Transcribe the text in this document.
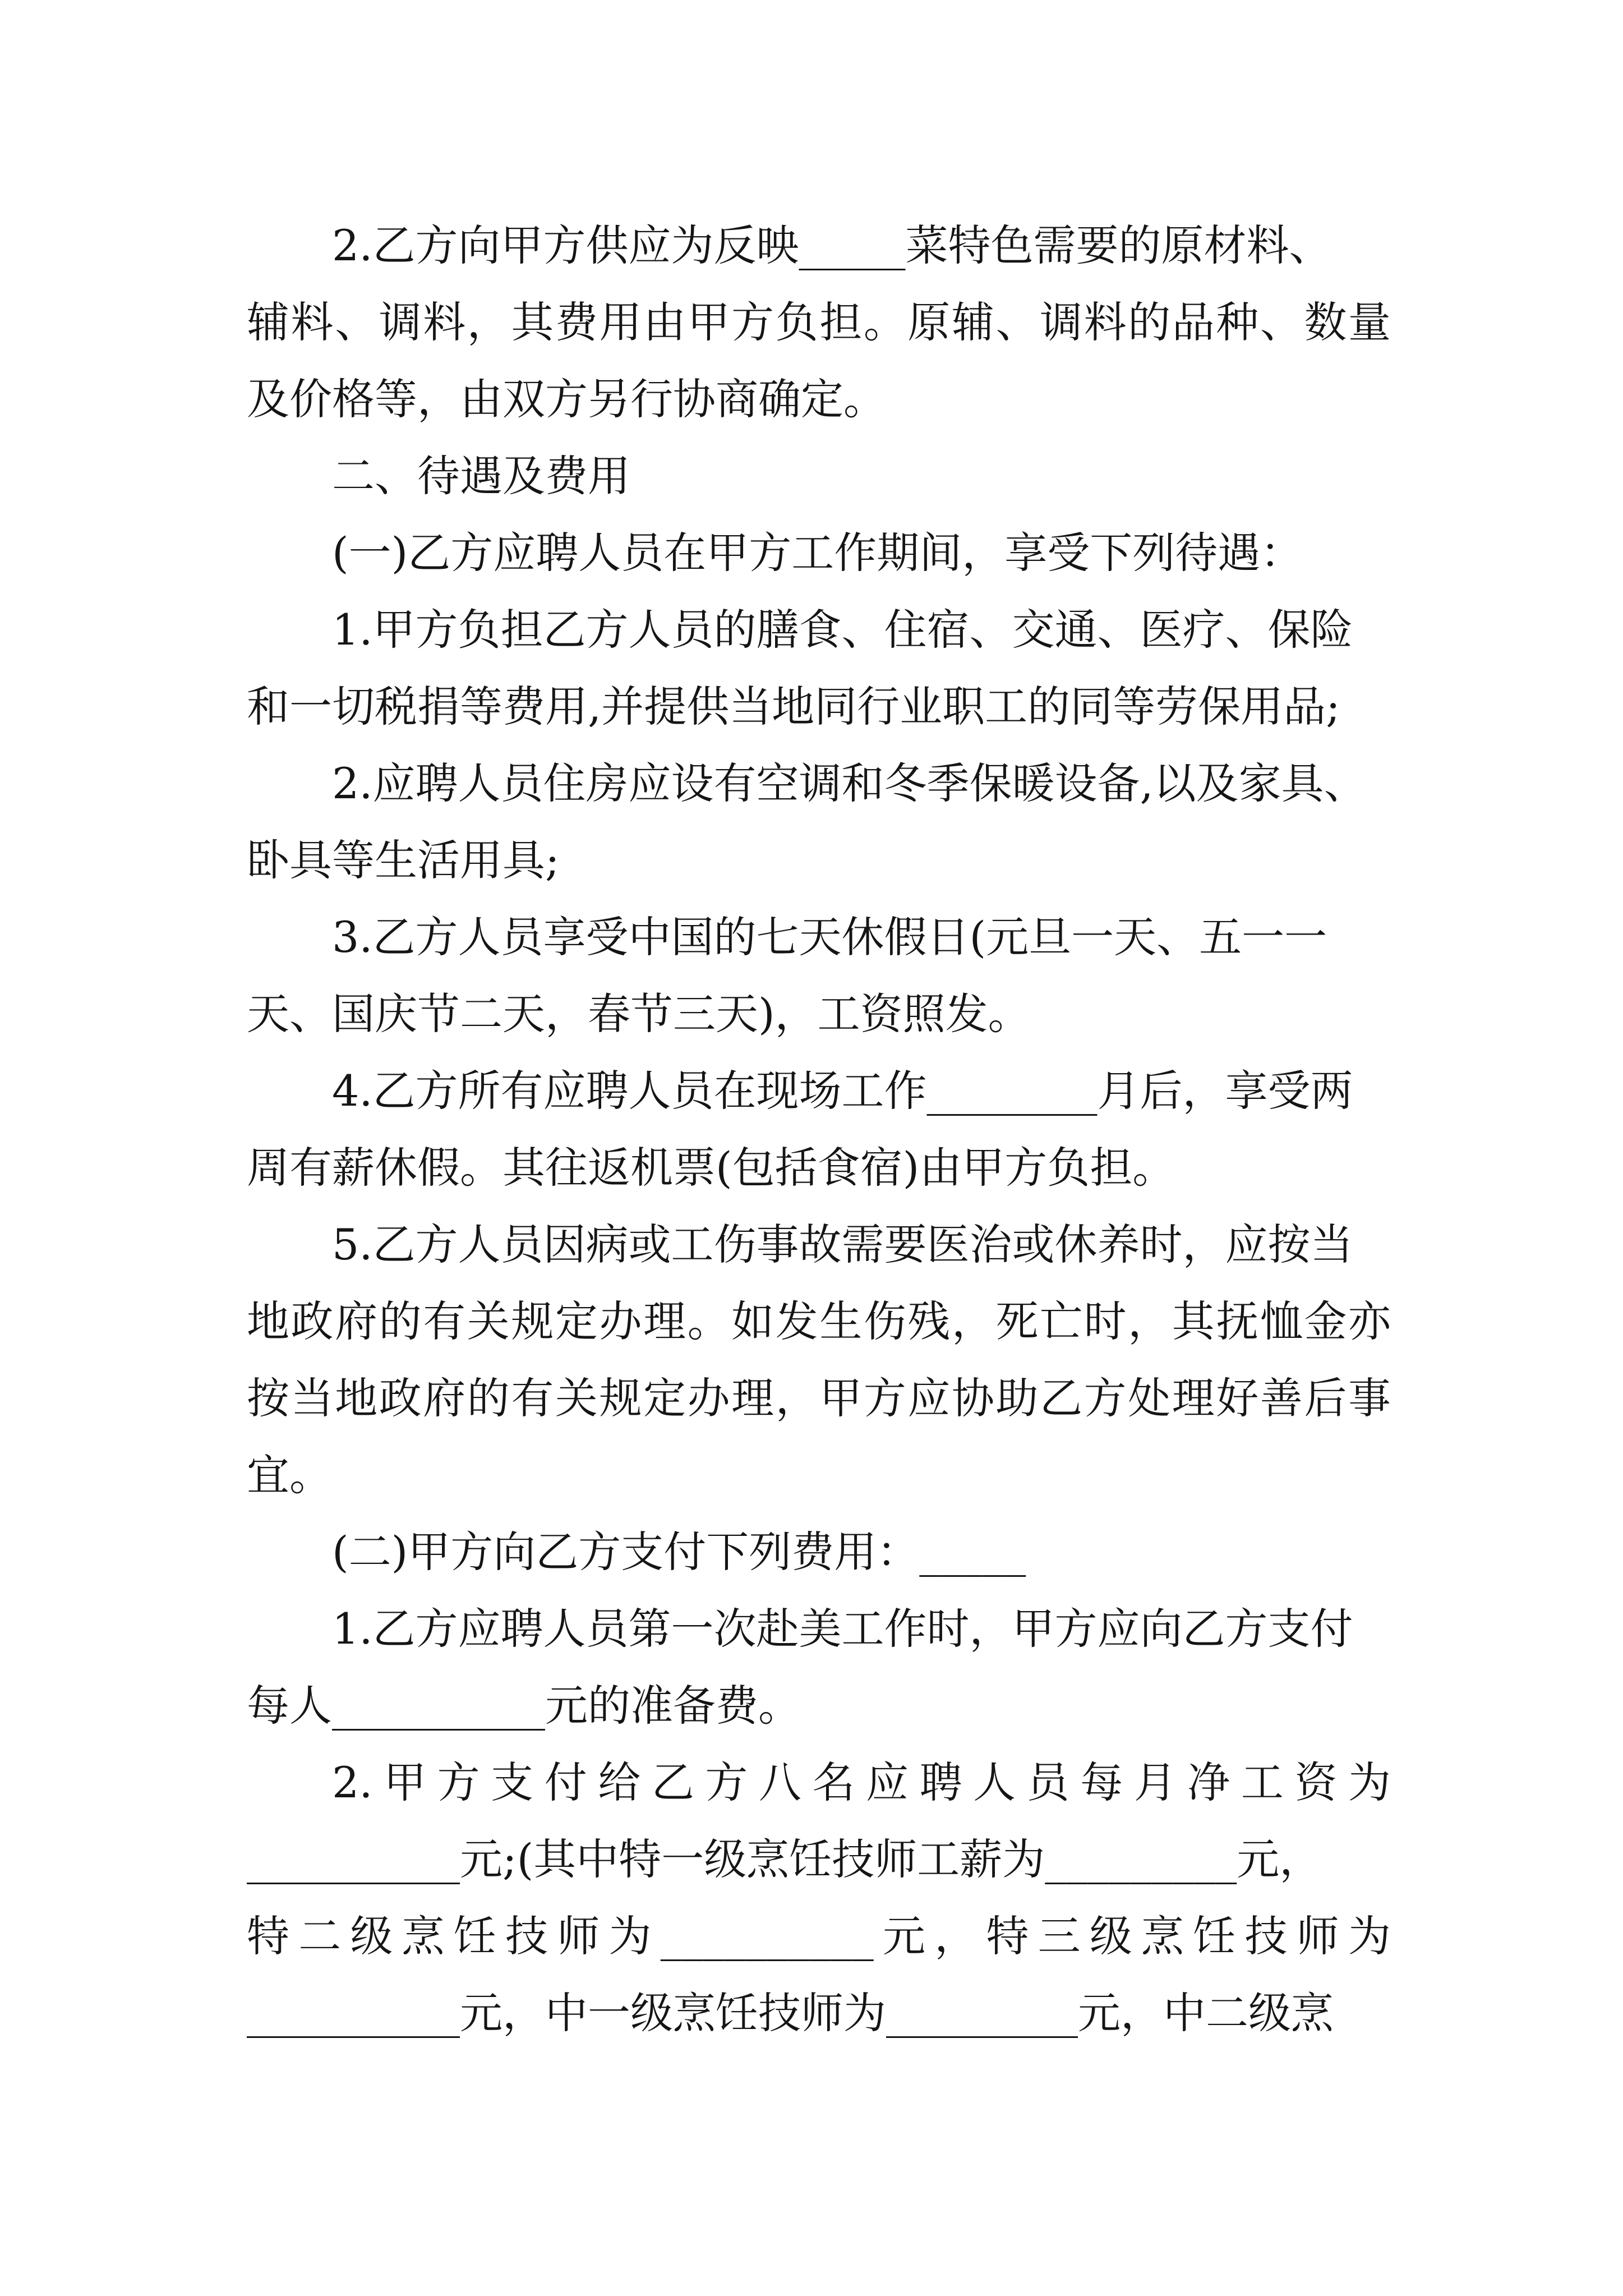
2.乙方向甲方供应为反映_____菜特色需要的原材料、
辅料、调料，其费用由甲方负担。原辅、调料的品种、数量
及价格等，由双方另行协商确定。
二、待遇及费用
(一)乙方应聘人员在甲方工作期间，享受下列待遇：
1.甲方负担乙方人员的膳食、住宿、交通、医疗、保险
和一切税捐等费用,并提供当地同行业职工的同等劳保用品;
2.应聘人员住房应设有空调和冬季保暖设备,以及家具、
卧具等生活用具;
3.乙方人员享受中国的七天休假日(元旦一天、五一一
天、国庆节二天，春节三天)，工资照发。
4.乙方所有应聘人员在现场工作________月后，享受两
周有薪休假。其往返机票(包括食宿)由甲方负担。
5.乙方人员因病或工伤事故需要医治或休养时，应按当
地政府的有关规定办理。如发生伤残，死亡时，其抚恤金亦
按当地政府的有关规定办理，甲方应协助乙方处理好善后事
宜。
(二)甲方向乙方支付下列费用：_____
1.乙方应聘人员第一次赴美工作时，甲方应向乙方支付
每人__________元的准备费。
2.甲方支付给乙方八名应聘人员每月净工资为
__________元;(其中特一级烹饪技师工薪为_________元，
特二级烹饪技师为__________元，特三级烹饪技师为
__________元，中一级烹饪技师为_________元，中二级烹
